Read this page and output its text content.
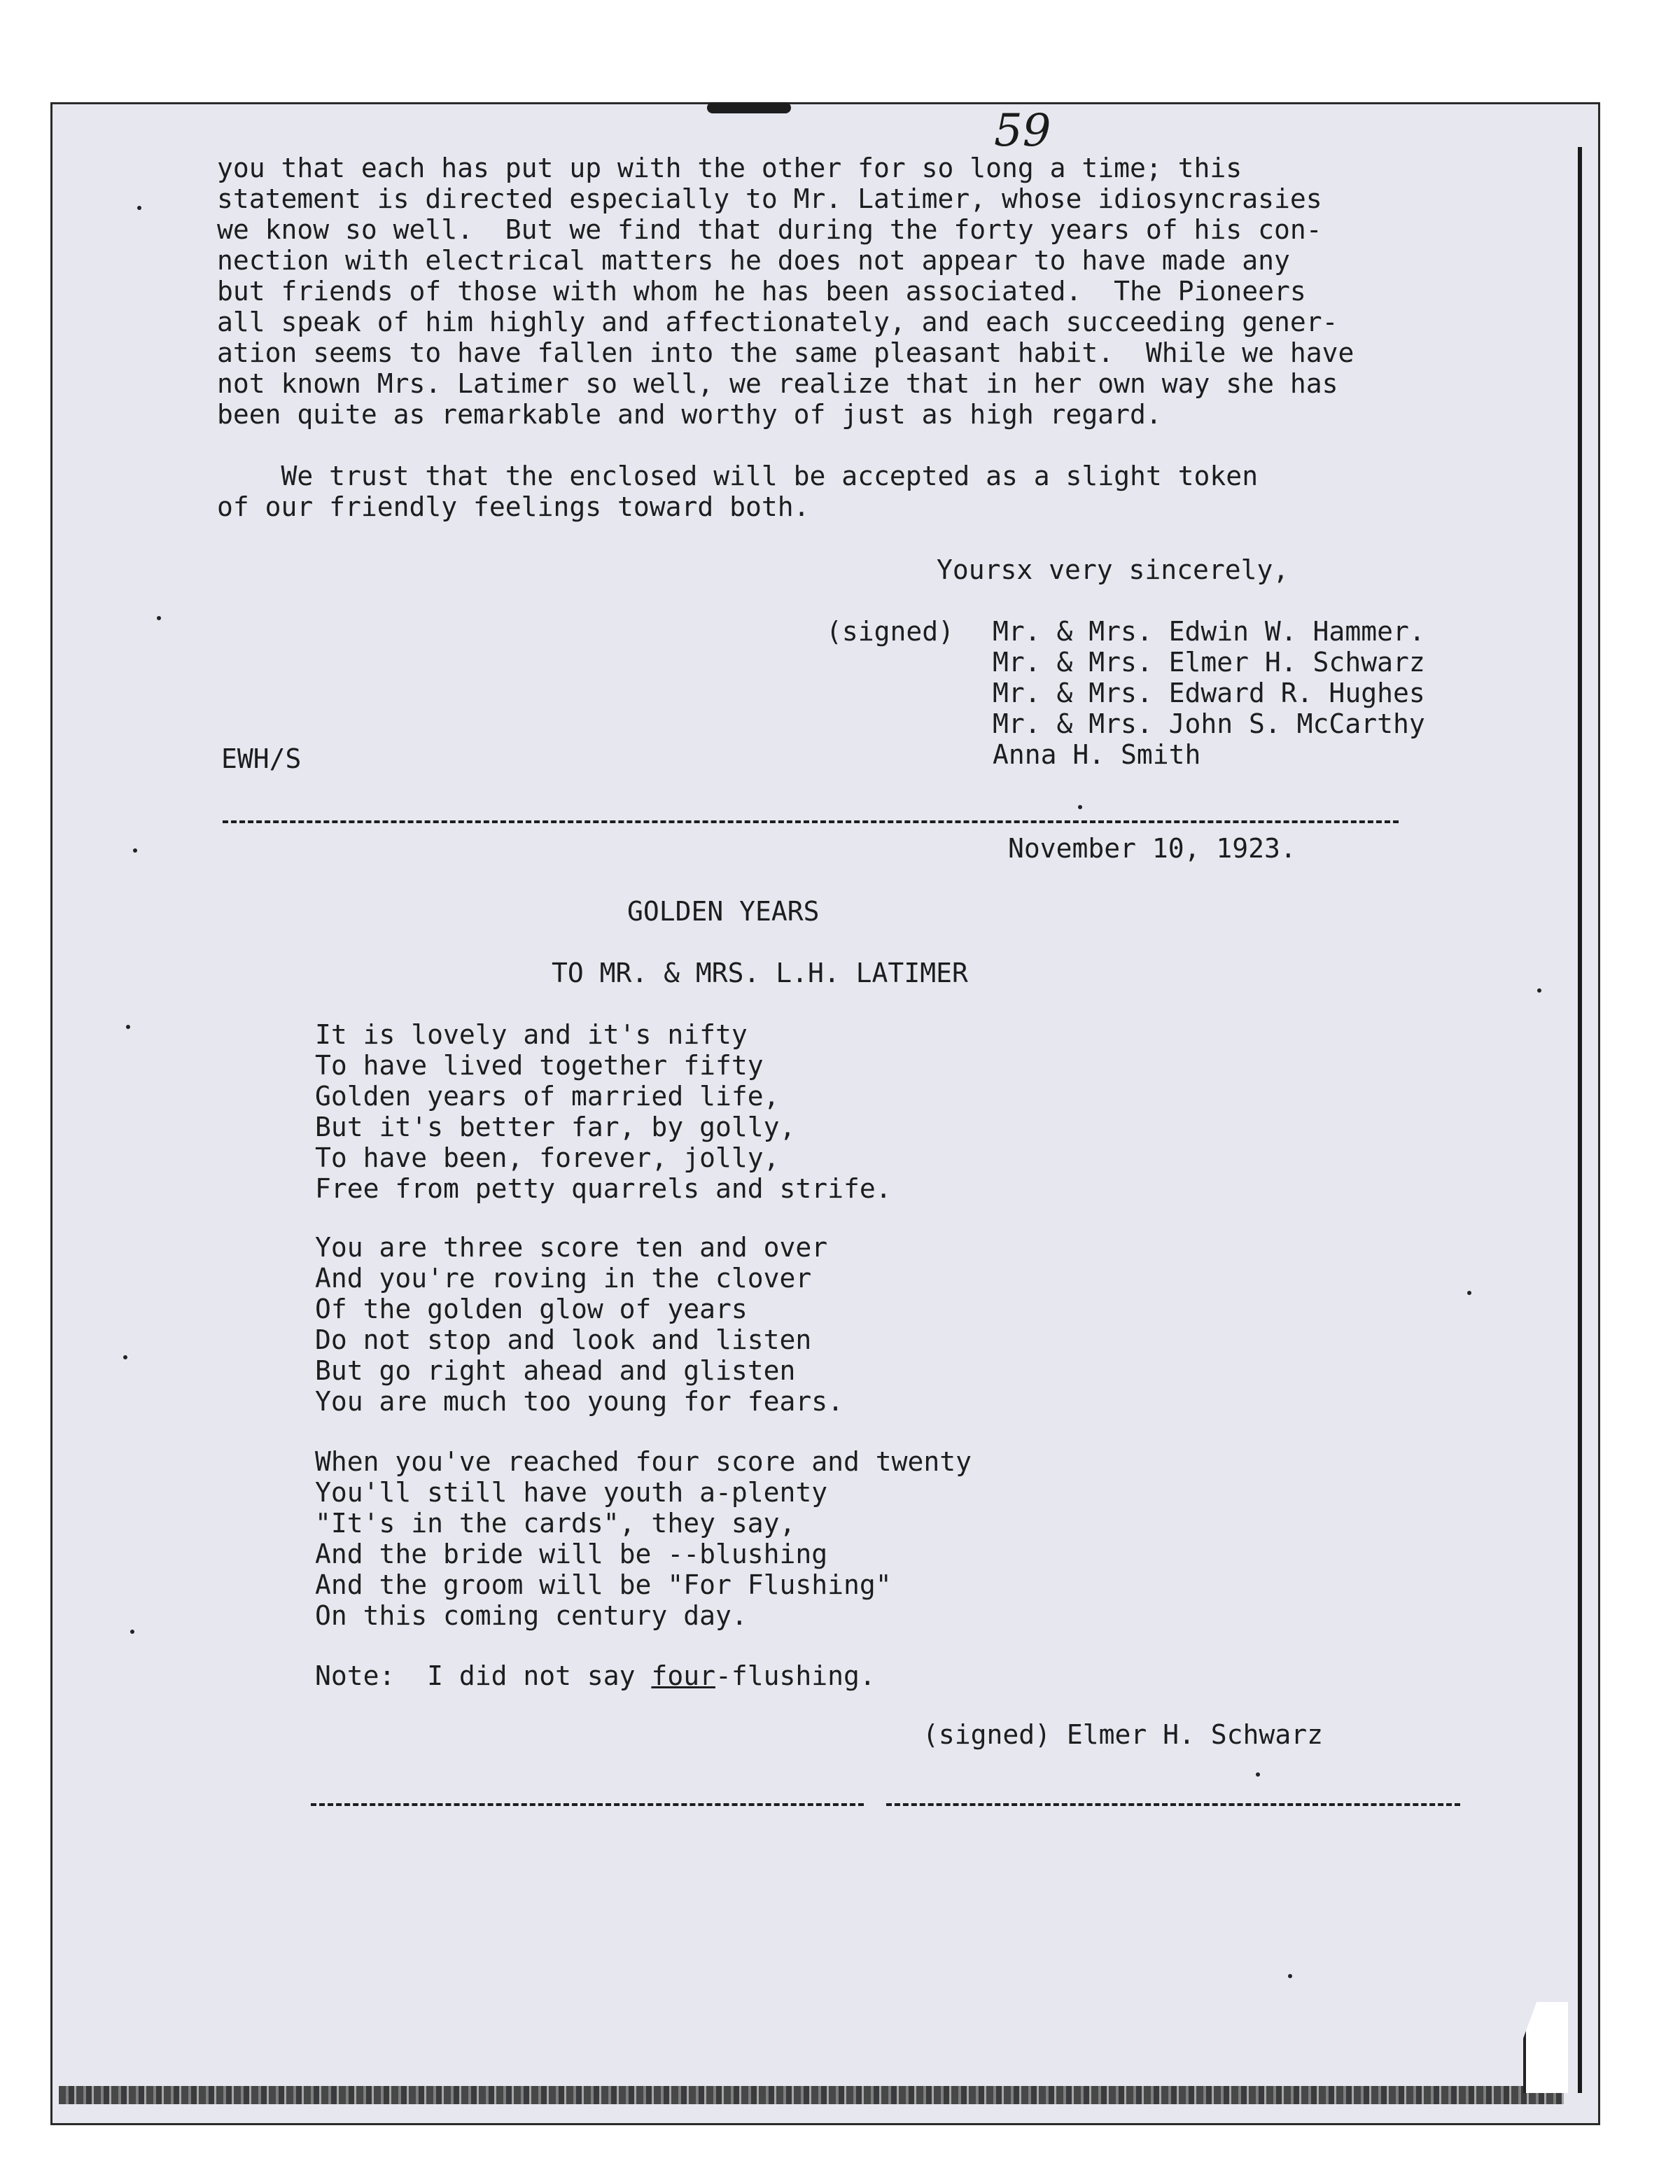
59
you that each has put up with the other for so long a time; this
statement is directed especially to Mr. Latimer, whose idiosyncrasies
we know so well.  But we find that during the forty years of his con-
nection with electrical matters he does not appear to have made any
but friends of those with whom he has been associated.  The Pioneers
all speak of him highly and affectionately, and each succeeding gener-
ation seems to have fallen into the same pleasant habit.  While we have
not known Mrs. Latimer so well, we realize that in her own way she has
been quite as remarkable and worthy of just as high regard.
We trust that the enclosed will be accepted as a slight token
of our friendly feelings toward both.
Yoursx very sincerely,
(signed) Mr. & Mrs. Edwin W. Hammer.
Mr. & Mrs. Elmer H. Schwarz
Mr. & Mrs. Edward R. Hughes
Mr. & Mrs. John S. McCarthy
Anna H. Smith
EWH/S
November 10, 1923.
GOLDEN YEARS
TO MR. & MRS. L.H. LATIMER
It is lovely and it's nifty
To have lived together fifty
Golden years of married life,
But it's better far, by golly,
To have been, forever, jolly,
Free from petty quarrels and strife.
You are three score ten and over
And you're roving in the clover
Of the golden glow of years
Do not stop and look and listen
But go right ahead and glisten
You are much too young for fears.
When you've reached four score and twenty
You'll still have youth a-plenty
"It's in the cards", they say,
And the bride will be --blushing
And the groom will be "For Flushing"
On this coming century day.
Note:  I did not say four-flushing.
(signed) Elmer H. Schwarz
